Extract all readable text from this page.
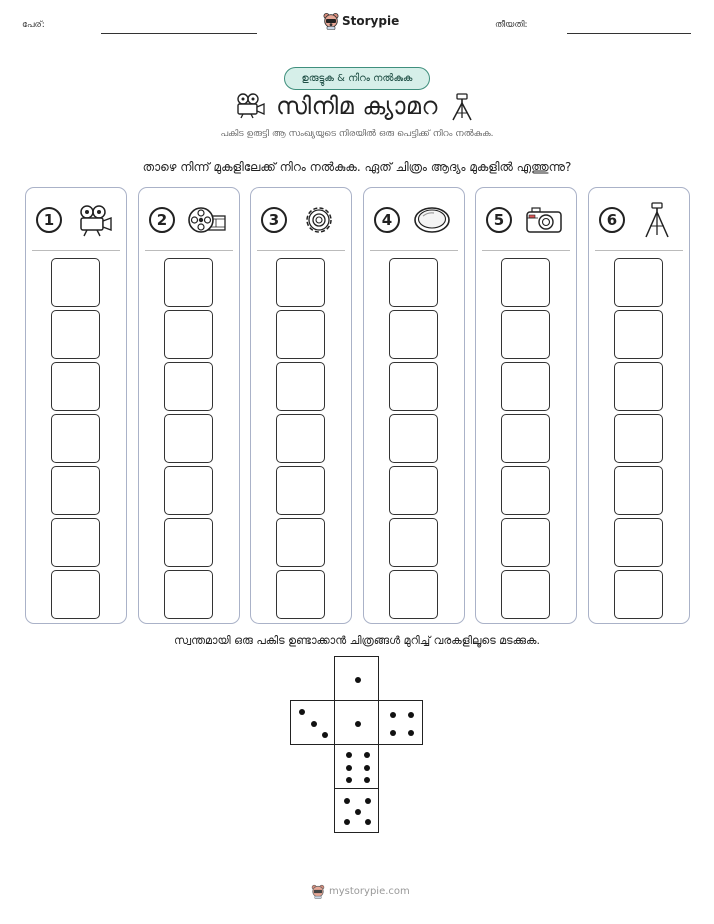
പേര്:	Storypie	തീയതി:
ഉരുട്ടുക & നിറം നൽകുക
സിനിമ ക്യാമറ
പകിട ഉരുട്ടി ആ സംഖ്യയുടെ നിരയിൽ ഒരു പെട്ടിക്ക് നിറം നൽകുക.
താഴെ നിന്ന് മുകളിലേക്ക് നിറം നൽകുക. ഏത് ചിത്രം ആദ്യം മുകളിൽ എത്തുന്നു?
1	2	3	4	5	6
സ്വന്തമായി ഒരു പകിട ഉണ്ടാക്കാൻ ചിത്രങ്ങൾ മുറിച്ച് വരകളിലൂടെ മടക്കുക.
mystorypie.com
